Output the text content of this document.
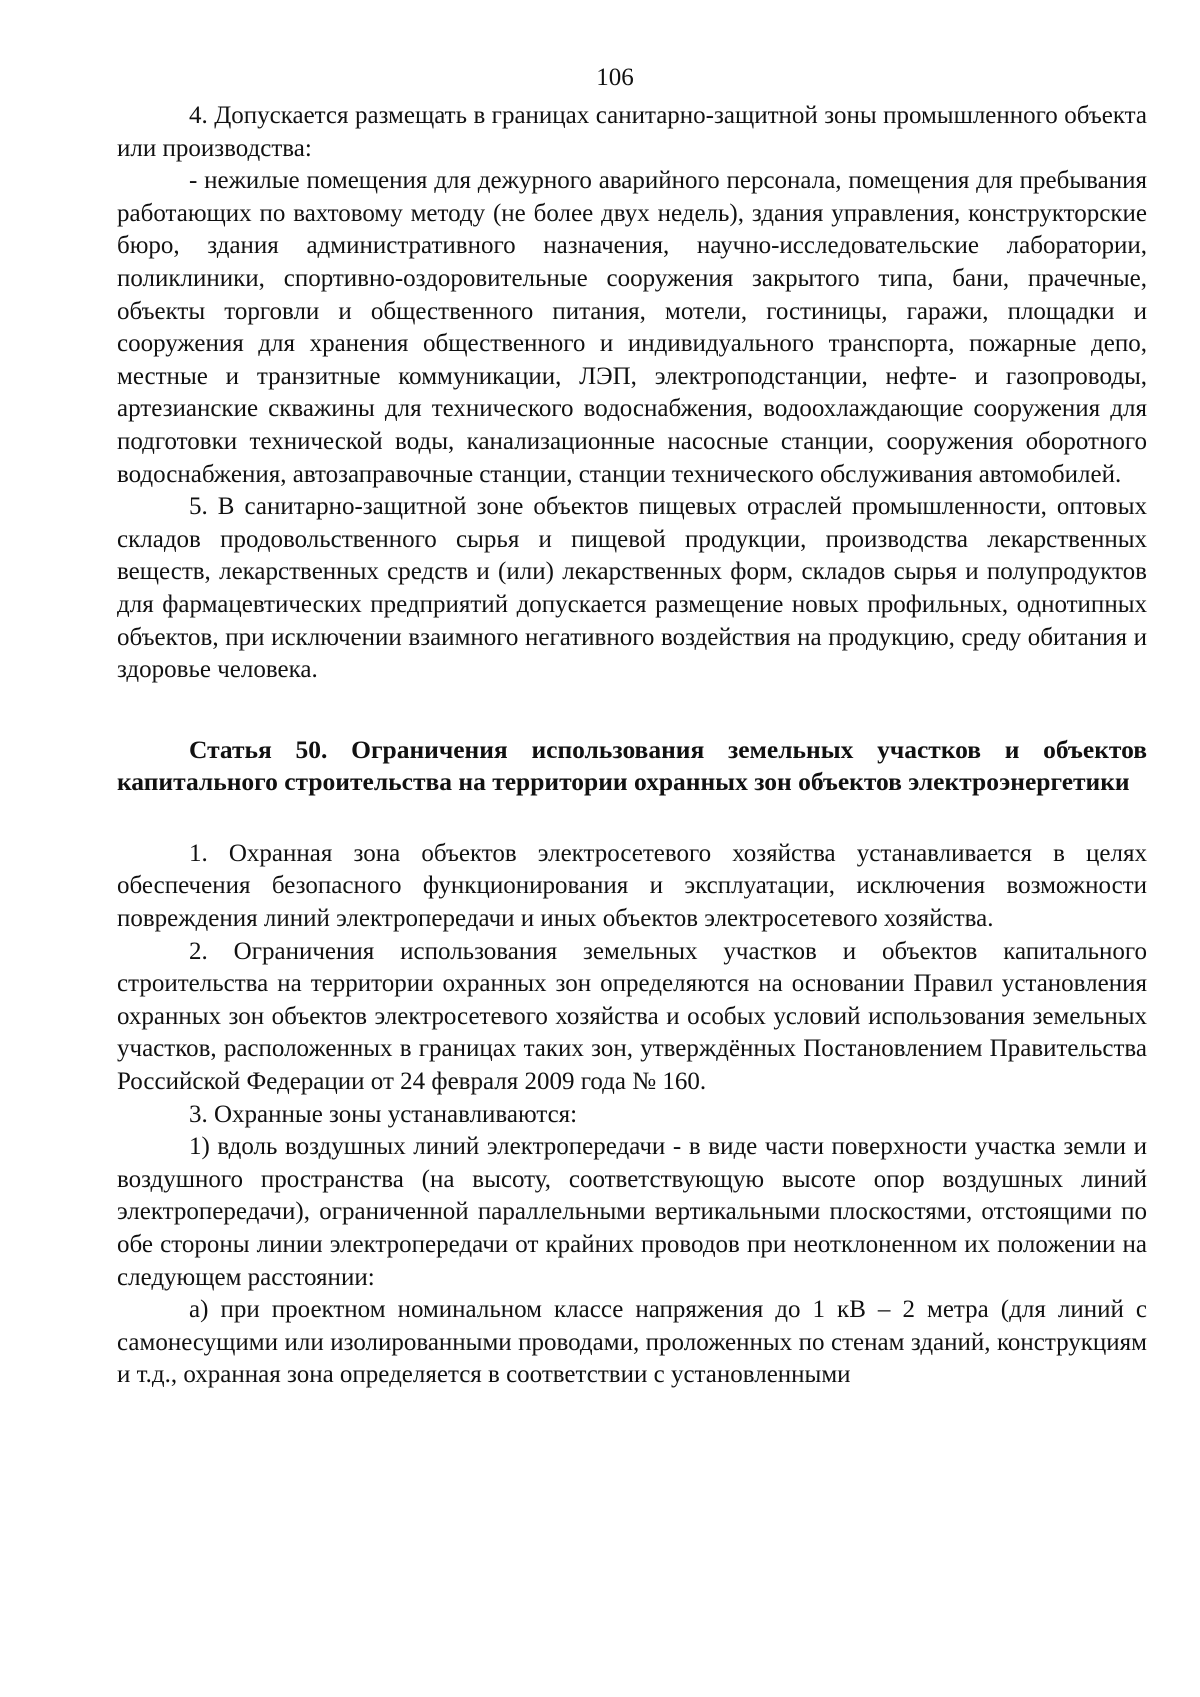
106

4. Допускается размещать в границах санитарно-защитной зоны промышленного объекта или производства:

- нежилые помещения для дежурного аварийного персонала, помещения для пребывания работающих по вахтовому методу (не более двух недель), здания управления, конструкторские бюро, здания административного назначения, научно-исследовательские лаборатории, поликлиники, спортивно-оздоровительные сооружения закрытого типа, бани, прачечные, объекты торговли и общественного питания, мотели, гостиницы, гаражи, площадки и сооружения для хранения общественного и индивидуального транспорта, пожарные депо, местные и транзитные коммуникации, ЛЭП, электроподстанции, нефте- и газопроводы, артезианские скважины для технического водоснабжения, водоохлаждающие сооружения для подготовки технической воды, канализационные насосные станции, сооружения оборотного водоснабжения, автозаправочные станции, станции технического обслуживания автомобилей.

5. В санитарно-защитной зоне объектов пищевых отраслей промышленности, оптовых складов продовольственного сырья и пищевой продукции, производства лекарственных веществ, лекарственных средств и (или) лекарственных форм, складов сырья и полупродуктов для фармацевтических предприятий допускается размещение новых профильных, однотипных объектов, при исключении взаимного негативного воздействия на продукцию, среду обитания и здоровье человека.

Статья 50. Ограничения использования земельных участков и объектов капитального строительства на территории охранных зон объектов электроэнергетики

1. Охранная зона объектов электросетевого хозяйства устанавливается в целях обеспечения безопасного функционирования и эксплуатации, исключения возможности повреждения линий электропередачи и иных объектов электросетевого хозяйства.

2. Ограничения использования земельных участков и объектов капитального строительства на территории охранных зон определяются на основании Правил установления охранных зон объектов электросетевого хозяйства и особых условий использования земельных участков, расположенных в границах таких зон, утверждённых Постановлением Правительства Российской Федерации от 24 февраля 2009 года № 160.

3. Охранные зоны устанавливаются:

1) вдоль воздушных линий электропередачи - в виде части поверхности участка земли и воздушного пространства (на высоту, соответствующую высоте опор воздушных линий электропередачи), ограниченной параллельными вертикальными плоскостями, отстоящими по обе стороны линии электропередачи от крайних проводов при неотклоненном их положении на следующем расстоянии:

а) при проектном номинальном классе напряжения до 1 кВ – 2 метра (для линий с самонесущими или изолированными проводами, проложенных по стенам зданий, конструкциям и т.д., охранная зона определяется в соответствии с установленными
